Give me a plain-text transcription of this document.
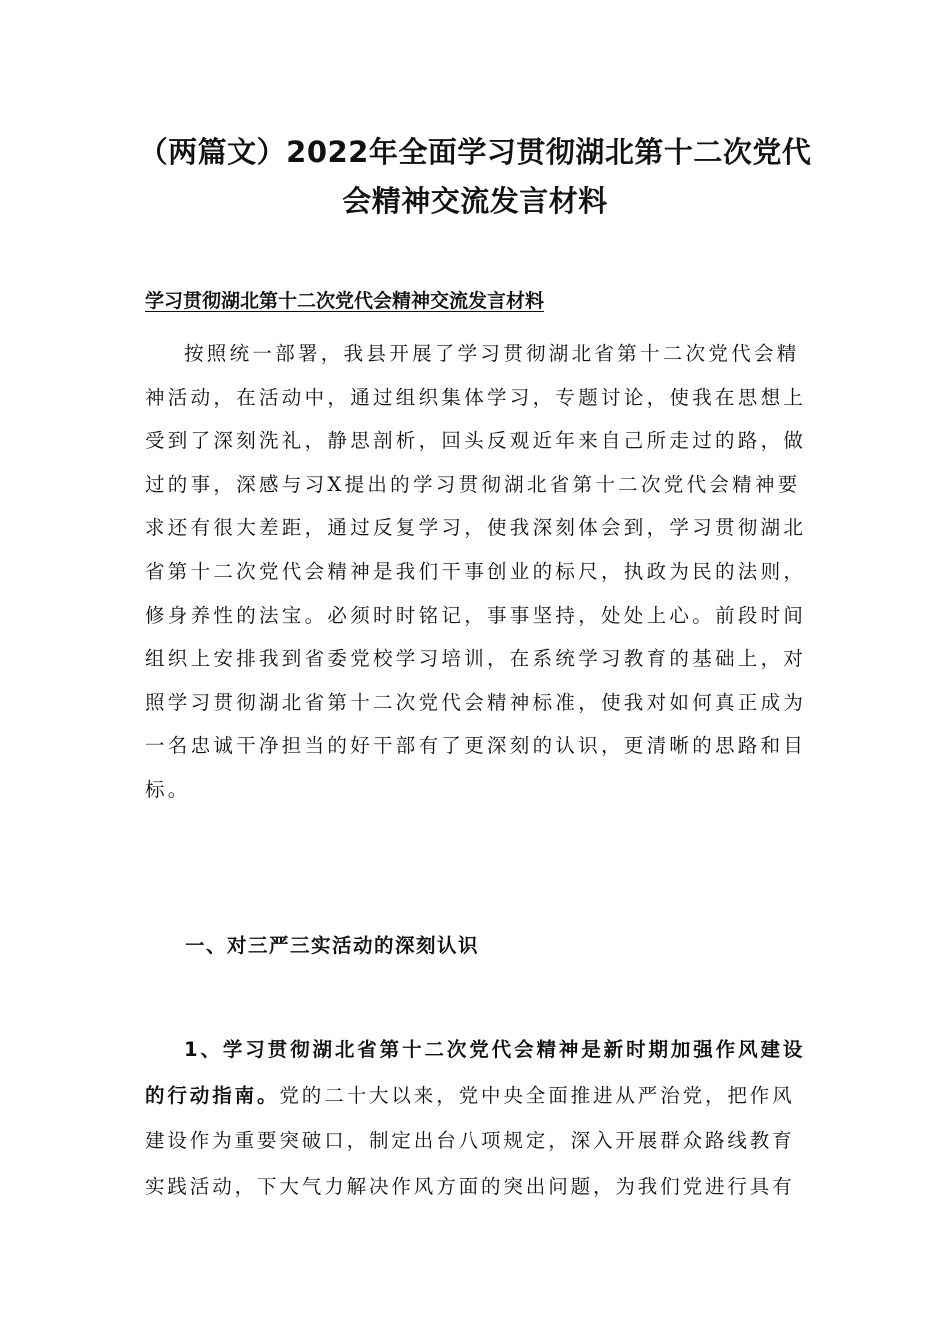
（两篇文）2022年全面学习贯彻湖北第十二次党代
会精神交流发言材料
学习贯彻湖北第十二次党代会精神交流发言材料

按照统一部署，我县开展了学习贯彻湖北省第十二次党代会精
神活动，在活动中，通过组织集体学习，专题讨论，使我在思想上
受到了深刻洗礼，静思剖析，回头反观近年来自己所走过的路，做
过的事，深感与习X提出的学习贯彻湖北省第十二次党代会精神要
求还有很大差距，通过反复学习，使我深刻体会到，学习贯彻湖北
省第十二次党代会精神是我们干事创业的标尺，执政为民的法则，
修身养性的法宝。必须时时铭记，事事坚持，处处上心。前段时间
组织上安排我到省委党校学习培训，在系统学习教育的基础上，对
照学习贯彻湖北省第十二次党代会精神标准，使我对如何真正成为
一名忠诚干净担当的好干部有了更深刻的认识，更清晰的思路和目
标。

一、对三严三实活动的深刻认识

1、学习贯彻湖北省第十二次党代会精神是新时期加强作风建设
的行动指南。党的二十大以来，党中央全面推进从严治党，把作风
建设作为重要突破口，制定出台八项规定，深入开展群众路线教育
实践活动，下大气力解决作风方面的突出问题，为我们党进行具有
